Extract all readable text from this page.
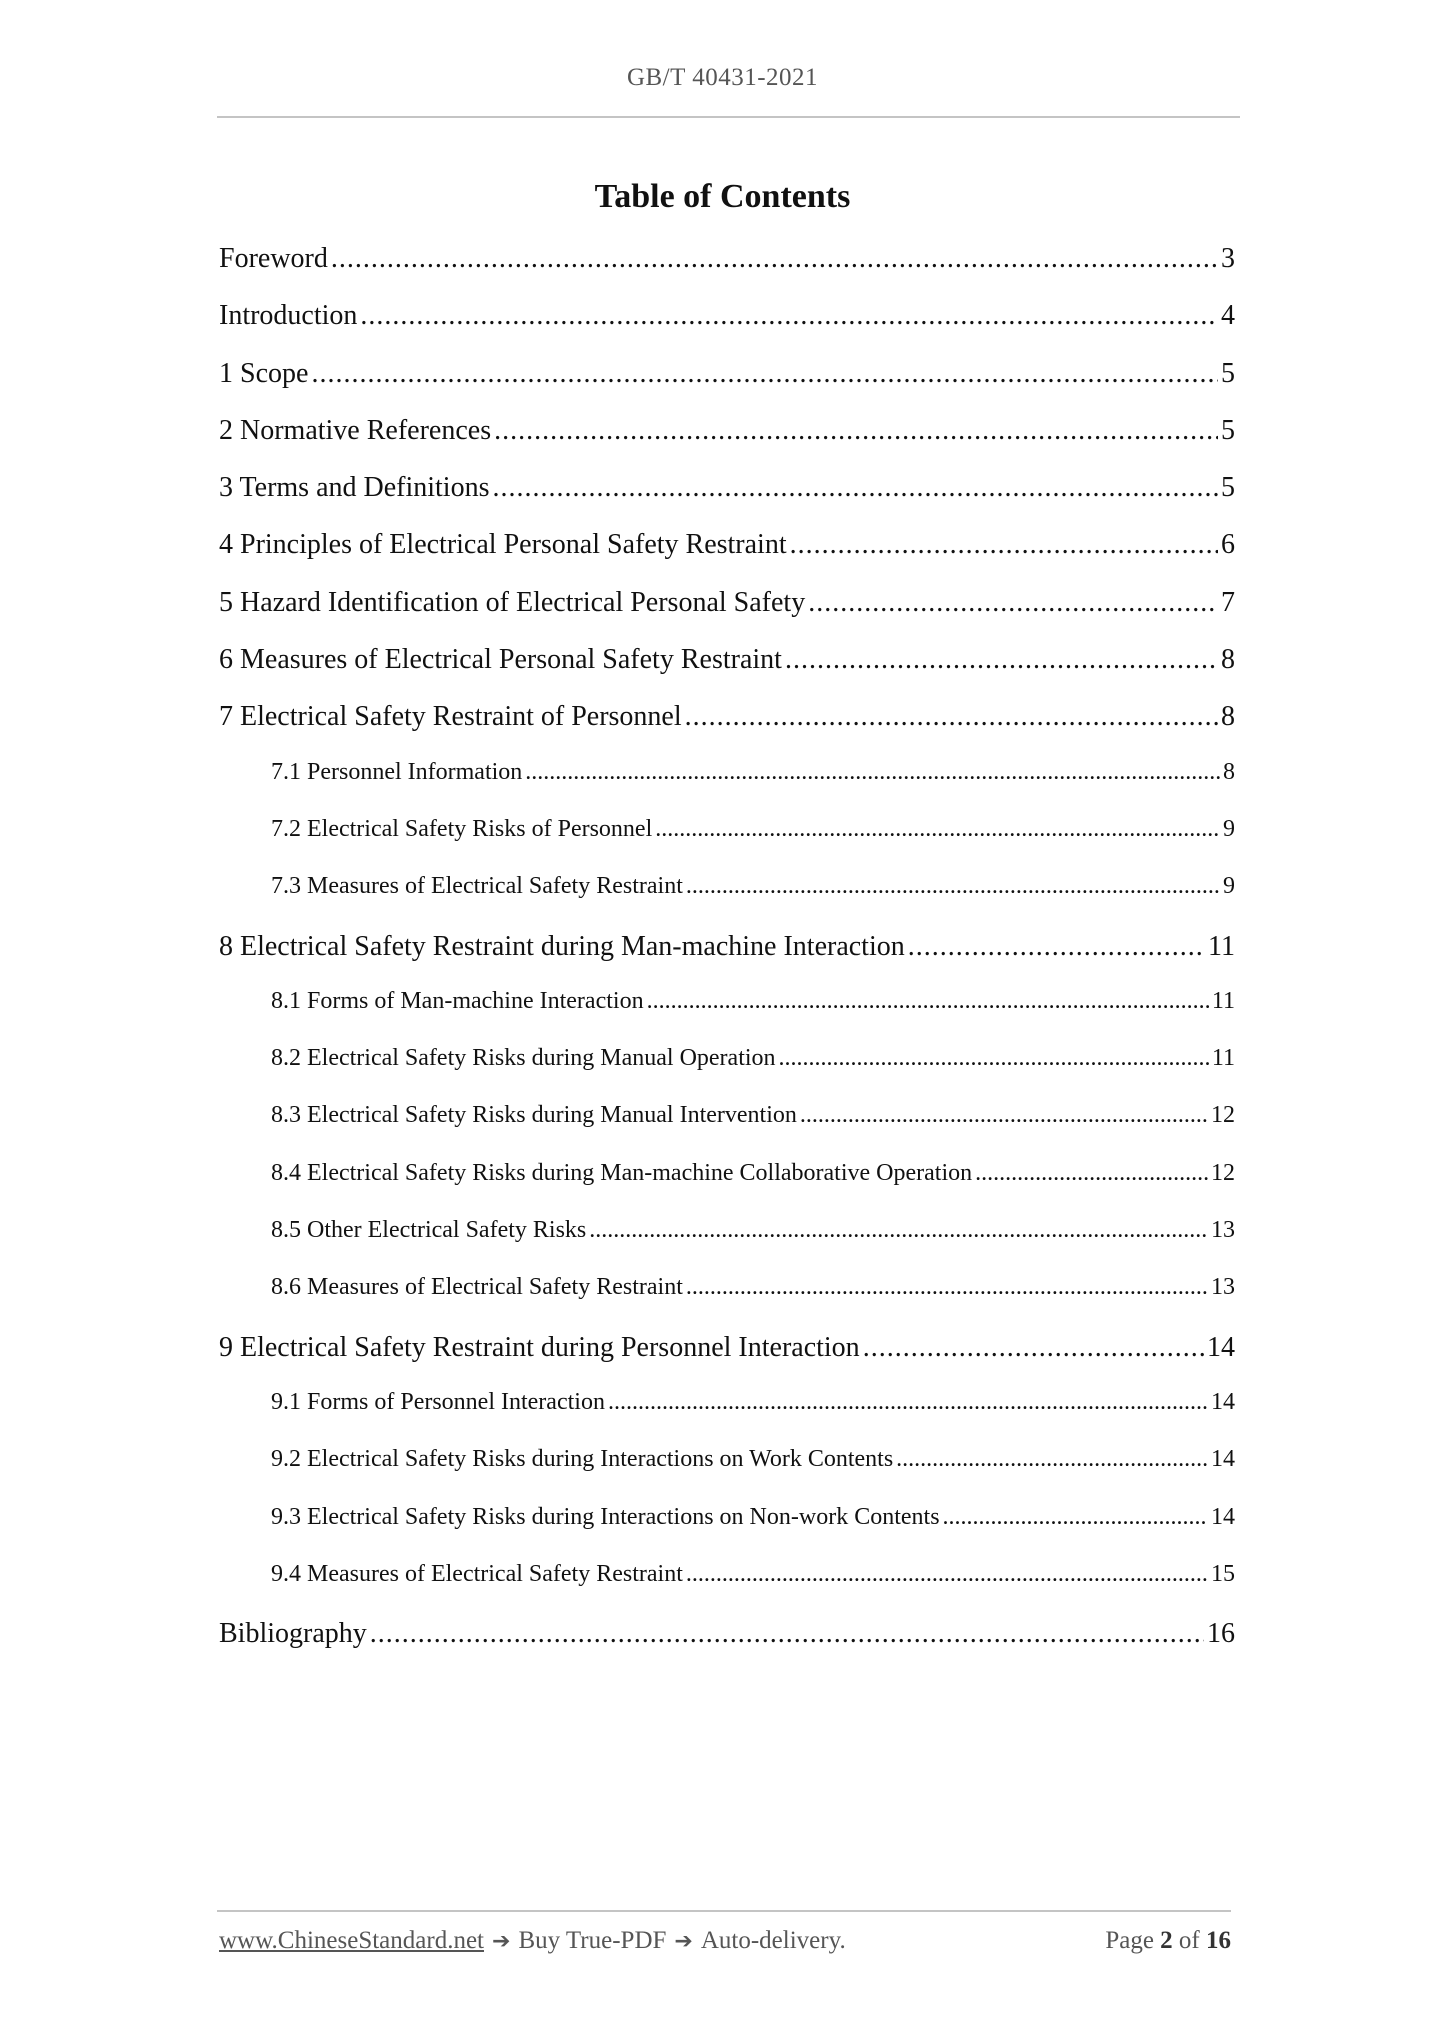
GB/T 40431-2021
Table of Contents
Foreword . . .	3
Introduction . . .	4
1 Scope . . .	5
2 Normative References . . .	5
3 Terms and Definitions . . .	5
4 Principles of Electrical Personal Safety Restraint . . .	6
5 Hazard Identification of Electrical Personal Safety . . .	7
6 Measures of Electrical Personal Safety Restraint . . .	8
7 Electrical Safety Restraint of Personnel . . .	8
7.1 Personnel Information . . .	8
7.2 Electrical Safety Risks of Personnel . . .	9
7.3 Measures of Electrical Safety Restraint . . .	9
8 Electrical Safety Restraint during Man-machine Interaction . . .	11
8.1 Forms of Man-machine Interaction . . .	11
8.2 Electrical Safety Risks during Manual Operation . . .	11
8.3 Electrical Safety Risks during Manual Intervention . . .	12
8.4 Electrical Safety Risks during Man-machine Collaborative Operation . . .	12
8.5 Other Electrical Safety Risks . . .	13
8.6 Measures of Electrical Safety Restraint . . .	13
9 Electrical Safety Restraint during Personnel Interaction . . .	14
9.1 Forms of Personnel Interaction . . .	14
9.2 Electrical Safety Risks during Interactions on Work Contents . . .	14
9.3 Electrical Safety Risks during Interactions on Non-work Contents . . .	14
9.4 Measures of Electrical Safety Restraint . . .	15
Bibliography . . .	16
www.ChineseStandard.net ➔ Buy True-PDF ➔ Auto-delivery.	Page 2 of 16
